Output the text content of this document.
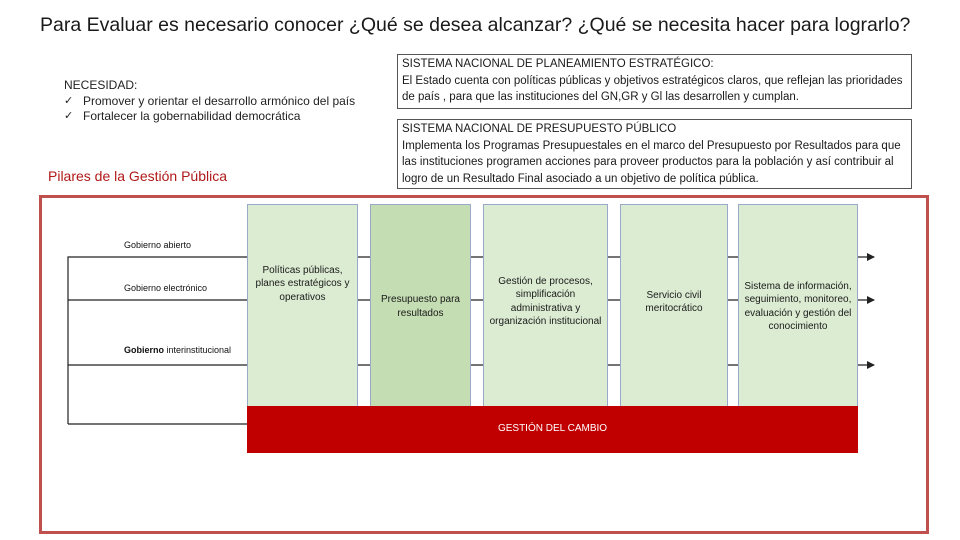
Para Evaluar es necesario conocer ¿Qué se desea alcanzar? ¿Qué se necesita hacer para lograrlo?
NECESIDAD:
✓ Promover y orientar el desarrollo armónico del país
✓ Fortalecer la gobernabilidad democrática
Pilares de la Gestión Pública
SISTEMA NACIONAL DE PLANEAMIENTO ESTRATÉGICO:
El Estado cuenta con políticas públicas y objetivos estratégicos claros, que reflejan las prioridades de país , para que las instituciones del GN,GR y Gl las desarrollen y cumplan.
SISTEMA NACIONAL DE PRESUPUESTO PÚBLICO
Implementa los Programas Presupuestales en el marco del Presupuesto por Resultados para que las instituciones programen acciones para proveer productos para la población y así contribuir al logro de un Resultado Final asociado a un objetivo de política pública.
Gobierno abierto
Gobierno electrónico
Gobierno interinstitucional
Políticas públicas, planes estratégicos y operativos	Presupuesto para resultados
Gestión de procesos, simplificación administrativa y organización institucional
Servicio civil meritocrático
Sistema de información, seguimiento, monitoreo, evaluación y gestión del conocimiento
GESTIÓN DEL CAMBIO
